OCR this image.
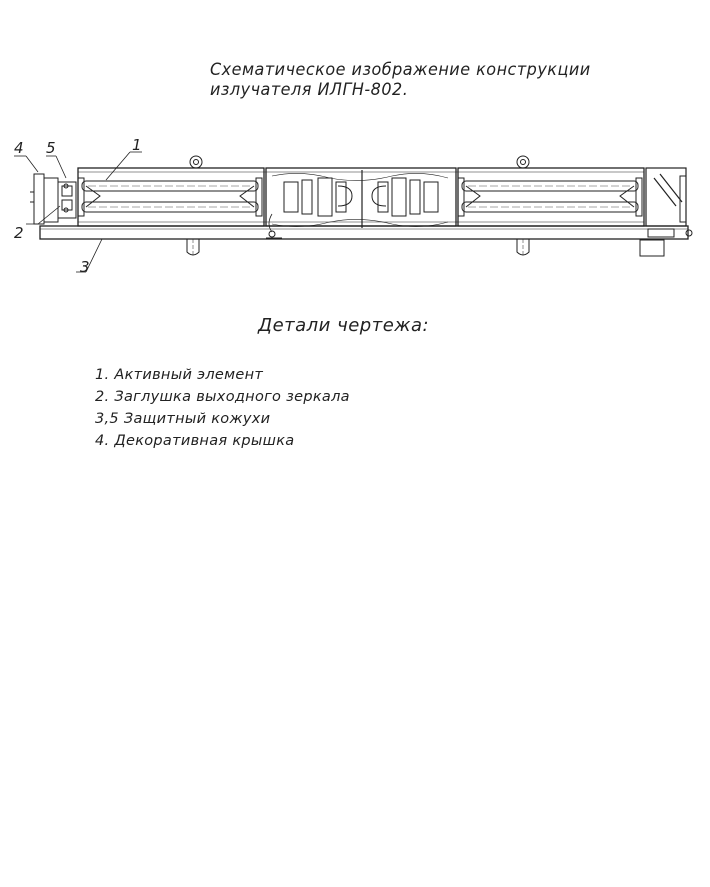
Схематическое изображение конструкции
излучателя ИЛГН-802.
1
2
3
4 5
Детали чертежа:
1. Активный элемент
2. Заглушка выходного зеркала
3,5 Защитный кожухи
4. Декоративная крышка
